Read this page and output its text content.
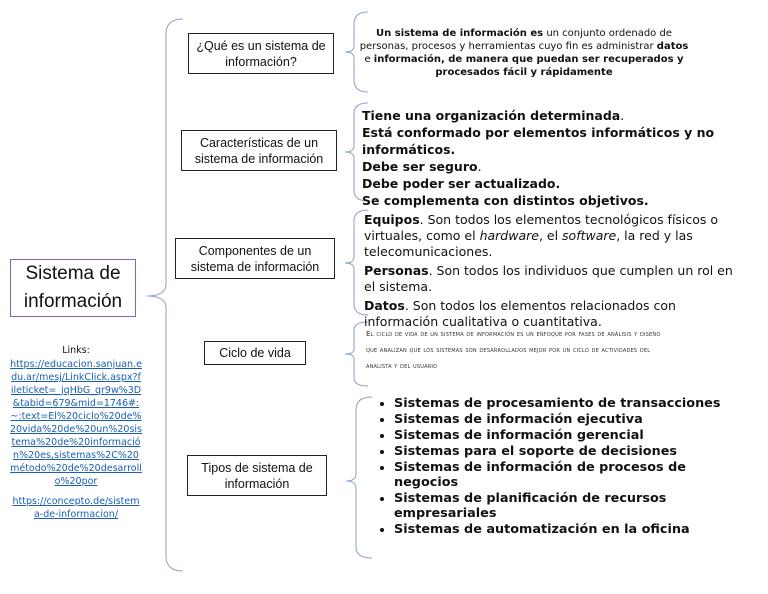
Sistema de información
Links:
https://educacion.sanjuan.edu.ar/mesj/LinkClick.aspx?fileticket=_jqHbG_qr9w%3D&tabid=679&mid=1746#:~:text=El%20ciclo%20de%20vida%20de%20un%20sistema%20de%20información%20es,sistemas%2C%20método%20de%20desarrollo%20por
https://concepto.de/sistema-de-informacion/
¿Qué es un sistema de información?
Características de un sistema de información
Componentes de un sistema de información
Ciclo de vida
Tipos de sistema de información
Un sistema de información es un conjunto ordenado de personas, procesos y herramientas cuyo fin es administrar datos e información, de manera que puedan ser recuperados y procesados fácil y rápidamente
Tiene una organización determinada.
Está conformado por elementos informáticos y no informáticos.
Debe ser seguro.
Debe poder ser actualizado.
Se complementa con distintos objetivos.

Equipos. Son todos los elementos tecnológicos físicos o virtuales, como el hardware, el software, la red y las telecomunicaciones.

Personas. Son todos los individuos que cumplen un rol en el sistema.

Datos. Son todos los elementos relacionados con información cualitativa o cuantitativa.

El ciclo de vida de un sistema de información es un enfoque por fases de análisis y diseño que analizan que los sistemas son desarrollados mejor por un ciclo de actividades del analista y del usuario
• Sistemas de procesamiento de transacciones
• Sistemas de información ejecutiva
• Sistemas de información gerencial
• Sistemas para el soporte de decisiones
• Sistemas de información de procesos de negocios
• Sistemas de planificación de recursos empresariales
• Sistemas de automatización en la oficina
